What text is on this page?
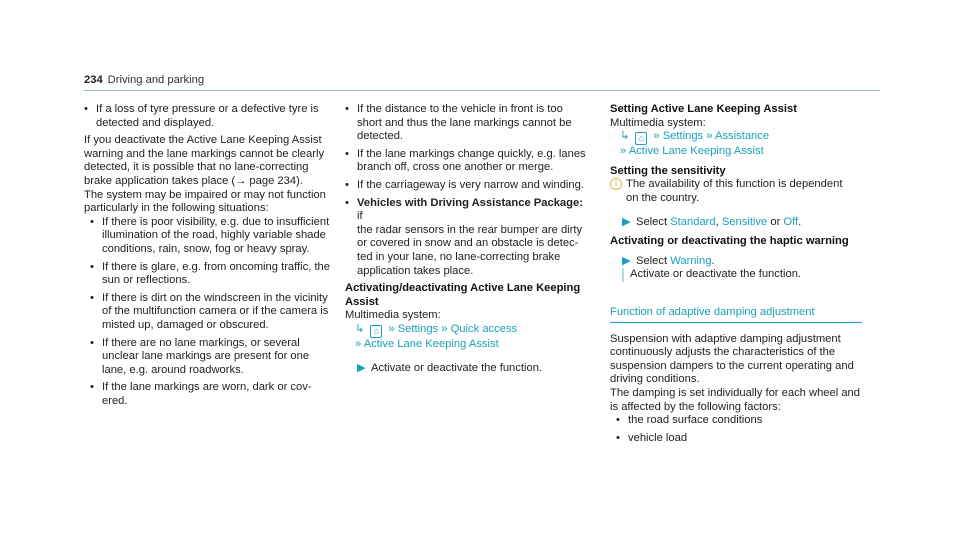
234 Driving and parking
• If a loss of tyre pressure or a defective tyre is
detected and displayed.

If you deactivate the Active Lane Keeping Assist
warning and the lane markings cannot be clearly
detected, it is possible that no lane-correcting
brake application takes place (→ page 234).

The system may be impaired or may not function
particularly in the following situations:

• If there is poor visibility, e.g. due to insufficient
illumination of the road, highly variable shade
conditions, rain, snow, fog or heavy spray.
• If there is glare, e.g. from oncoming traffic, the
sun or reflections.
• If there is dirt on the windscreen in the vicinity
of the multifunction camera or if the camera is
misted up, damaged or obscured.
• If there are no lane markings, or several
unclear lane markings are present for one
lane, e.g. around roadworks.
• If the lane markings are worn, dark or cov-
ered.
• If the distance to the vehicle in front is too
short and thus the lane markings cannot be
detected.
• If the lane markings change quickly, e.g. lanes
branch off, cross one another or merge.
• If the carriageway is very narrow and winding.
• Vehicles with Driving Assistance Package: if
the radar sensors in the rear bumper are dirty
or covered in snow and an obstacle is detec-
ted in your lane, no lane-correcting brake
application takes place.

Activating/deactivating Active Lane Keeping
Assist

Multimedia system:

↳ ⌂ » Settings » Quick access

» Active Lane Keeping Assist

▶ Activate or deactivate the function.

Setting Active Lane Keeping Assist

Multimedia system:

↳ ⌂ » Settings » Assistance

» Active Lane Keeping Assist

Setting the sensitivity

i The availability of this function is dependent
on the country.

▶ Select Standard, Sensitive or Off.

Activating or deactivating the haptic warning

▶ Select Warning.

Activate or deactivate the function.

Function of adaptive damping adjustment

Suspension with adaptive damping adjustment
continuously adjusts the characteristics of the
suspension dampers to the current operating and
driving conditions.

The damping is set individually for each wheel and
is affected by the following factors:

• the road surface conditions
• vehicle load
